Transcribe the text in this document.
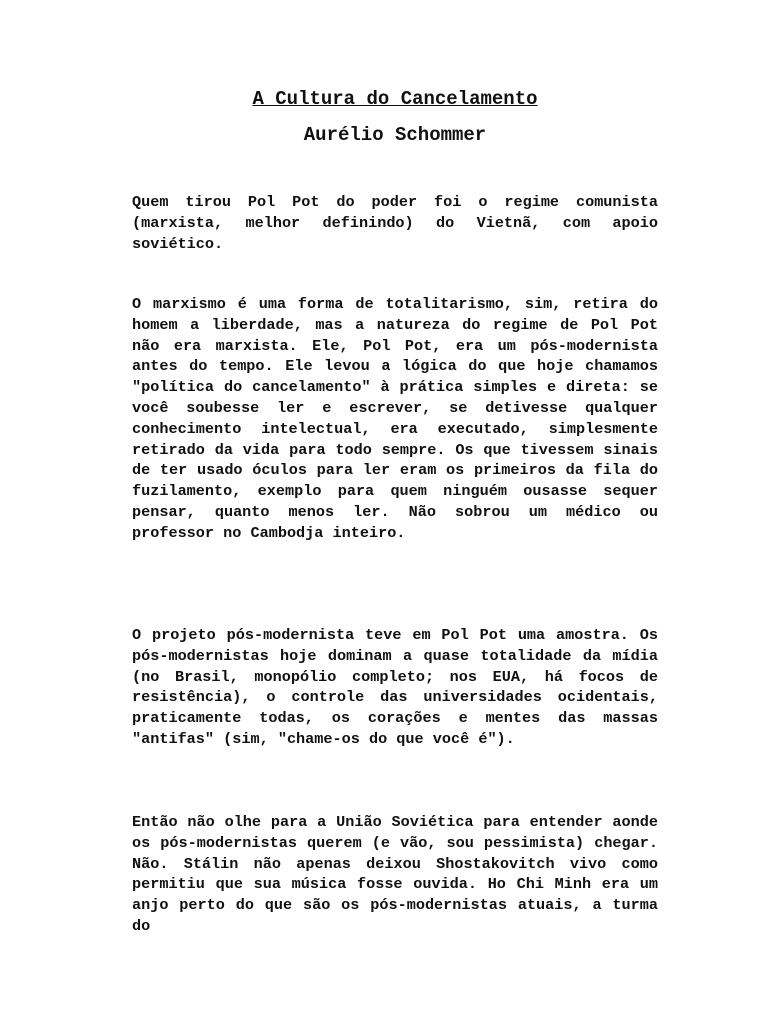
A Cultura do Cancelamento
Aurélio Schommer

Quem tirou Pol Pot do poder foi o regime comunista (marxista, melhor definindo) do Vietnã, com apoio soviético.

O marxismo é uma forma de totalitarismo, sim, retira do homem a liberdade, mas a natureza do regime de Pol Pot não era marxista. Ele, Pol Pot, era um pós-modernista antes do tempo. Ele levou a lógica do que hoje chamamos "política do cancelamento" à prática simples e direta: se você soubesse ler e escrever, se detivesse qualquer conhecimento intelectual, era executado, simplesmente retirado da vida para todo sempre. Os que tivessem sinais de ter usado óculos para ler eram os primeiros da fila do fuzilamento, exemplo para quem ninguém ousasse sequer pensar, quanto menos ler. Não sobrou um médico ou professor no Cambodja inteiro.

O projeto pós-modernista teve em Pol Pot uma amostra. Os pós-modernistas hoje dominam a quase totalidade da mídia (no Brasil, monopólio completo; nos EUA, há focos de resistência), o controle das universidades ocidentais, praticamente todas, os corações e mentes das massas "antifas" (sim, "chame-os do que você é").

Então não olhe para a União Soviética para entender aonde os pós-modernistas querem (e vão, sou pessimista) chegar. Não. Stálin não apenas deixou Shostakovitch vivo como permitiu que sua música fosse ouvida. Ho Chi Minh era um anjo perto do que são os pós-modernistas atuais, a turma do
